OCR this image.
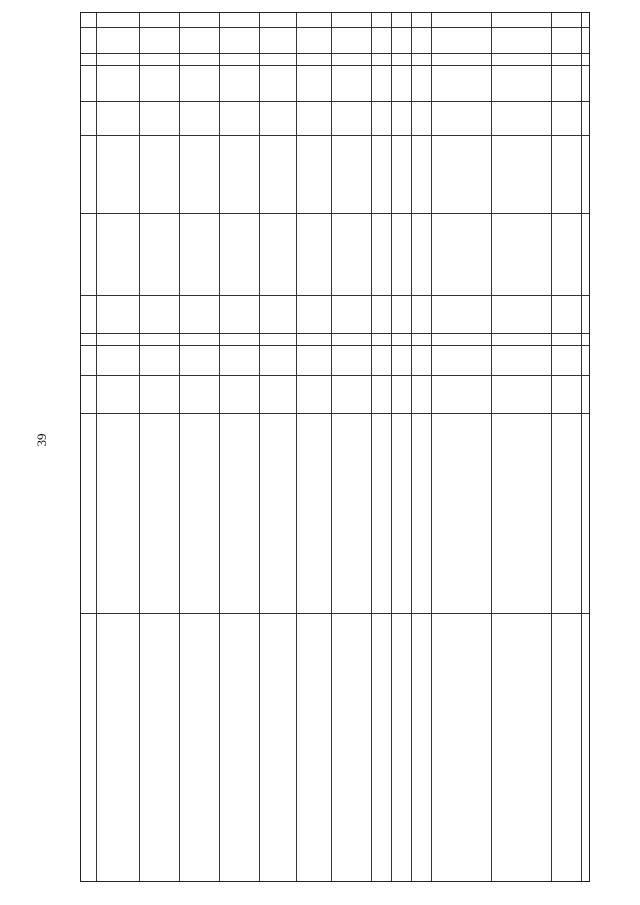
39
